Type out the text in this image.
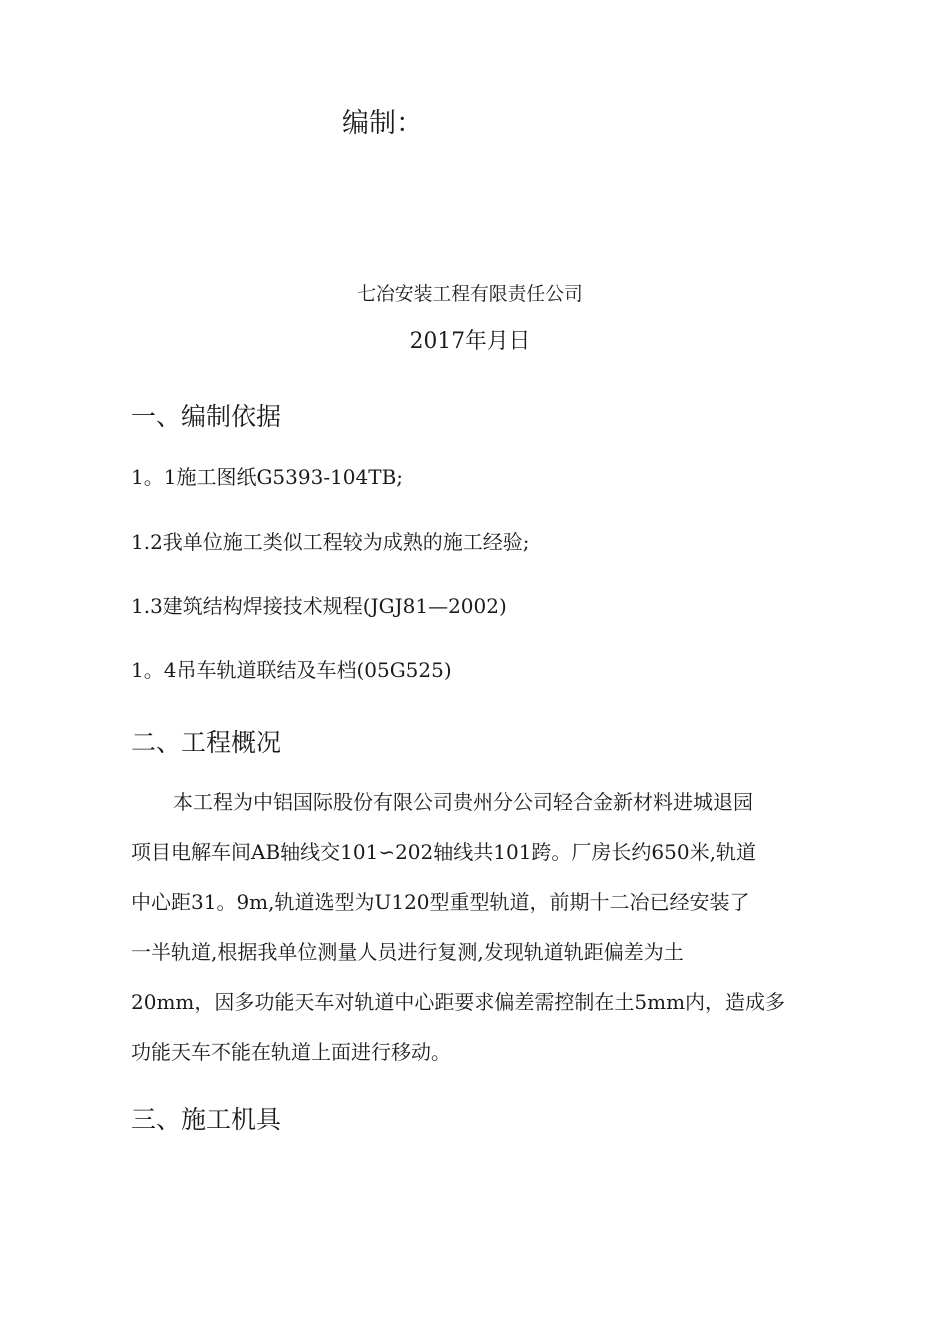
编制：
七冶安装工程有限责任公司
2017年月日
一、编制依据
1。1施工图纸G5393-104TB;
1.2我单位施工类似工程较为成熟的施工经验;
1.3建筑结构焊接技术规程(JGJ81—2002)
1。4吊车轨道联结及车档(05G525)
二、工程概况
本工程为中铝国际股份有限公司贵州分公司轻合金新材料进城退园
项目电解车间AB轴线交101∽202轴线共101跨。厂房长约650米,轨道
中心距31。9m,轨道选型为U120型重型轨道，前期十二冶已经安装了
一半轨道,根据我单位测量人员进行复测,发现轨道轨距偏差为土
20mm，因多功能天车对轨道中心距要求偏差需控制在土5mm内，造成多
功能天车不能在轨道上面进行移动。
三、施工机具
